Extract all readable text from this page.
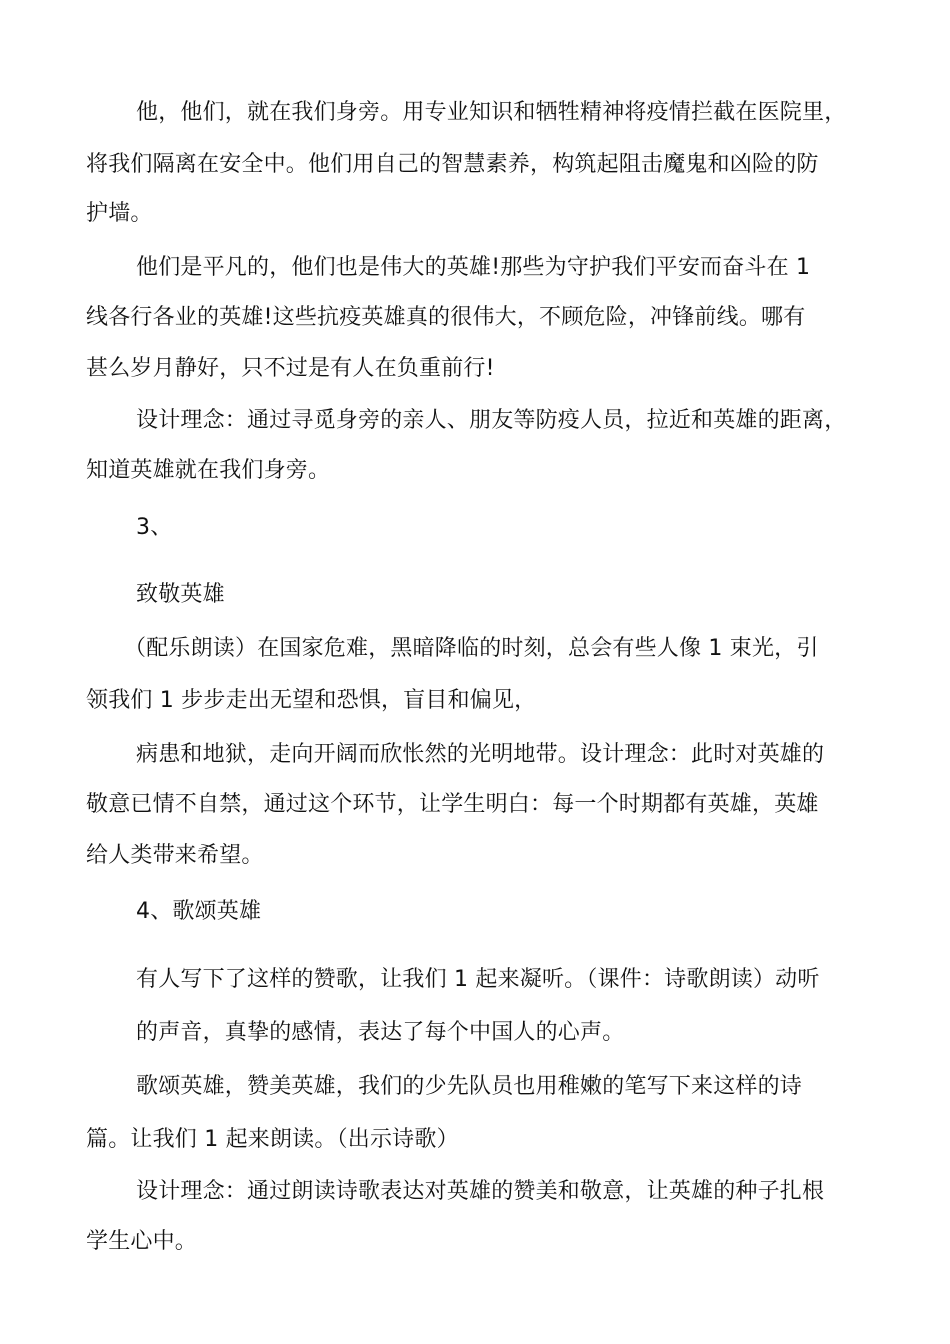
他，他们，就在我们身旁。用专业知识和牺牲精神将疫情拦截在医院里，
将我们隔离在安全中。他们用自己的智慧素养，构筑起阻击魔鬼和凶险的防
护墙。
他们是平凡的，他们也是伟大的英雄!那些为守护我们平安而奋斗在 1
线各行各业的英雄!这些抗疫英雄真的很伟大，不顾危险，冲锋前线。哪有
甚么岁月静好，只不过是有人在负重前行!
设计理念：通过寻觅身旁的亲人、朋友等防疫人员，拉近和英雄的距离，
知道英雄就在我们身旁。
3、
致敬英雄
（配乐朗读）在国家危难，黑暗降临的时刻，总会有些人像 1 束光，引
领我们 1 步步走出无望和恐惧，盲目和偏见，
病患和地狱，走向开阔而欣怅然的光明地带。设计理念：此时对英雄的
敬意已情不自禁，通过这个环节，让学生明白：每一个时期都有英雄，英雄
给人类带来希望。
4、歌颂英雄
有人写下了这样的赞歌，让我们 1 起来凝听。（课件：诗歌朗读）动听
的声音，真挚的感情，表达了每个中国人的心声。
歌颂英雄，赞美英雄，我们的少先队员也用稚嫩的笔写下来这样的诗
篇。让我们 1 起来朗读。（出示诗歌）
设计理念：通过朗读诗歌表达对英雄的赞美和敬意，让英雄的种子扎根
学生心中。
